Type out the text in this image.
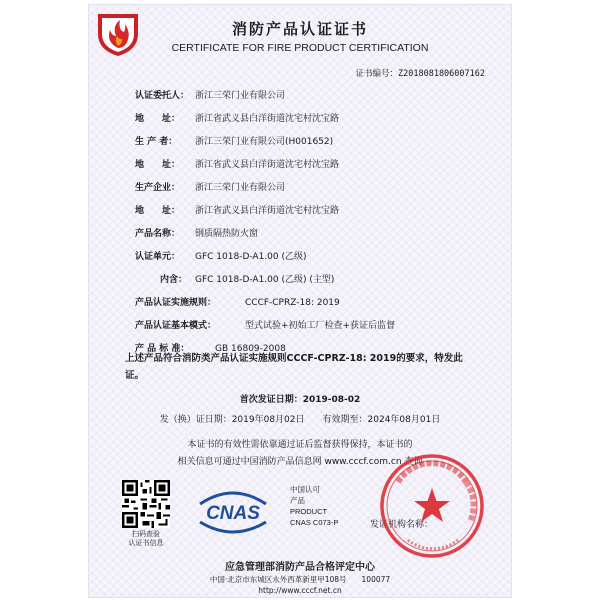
消防产品认证证书
CERTIFICATE FOR FIRE PRODUCT CERTIFICATION
证书编号：Z2018081806007162
认证委托人： 浙江三荣门业有限公司
地　　址： 浙江省武义县白洋街道沈宅村沈宝路
生 产 者： 浙江三荣门业有限公司(H001652)
地　　址： 浙江省武义县白洋街道沈宅村沈宝路
生产企业： 浙江三荣门业有限公司
地　　址： 浙江省武义县白洋街道沈宅村沈宝路
产品名称： 钢质隔热防火窗
认证单元： GFC 1018-D-A1.00 (乙级)
内含： GFC 1018-D-A1.00 (乙级) (主型)
产品认证实施规则：	CCCF-CPRZ-18: 2019
产品认证基本模式：	型式试验+初始工厂检查+获证后监督
产 品 标 准：	GB 16809-2008
上述产品符合消防类产品认证实施规则CCCF-CPRZ-18: 2019的要求，特发此证。
首次发证日期：2019-08-02
发（换）证日期：2019年08月02日　　有效期至：2024年08月01日
本证书的有效性需依靠通过证后监督获得保持，本证书的
相关信息可通过中国消防产品信息网 www.cccf.com.cn 查询
扫码查验
认证书信息
CNAS
中国认可
产品
PRODUCT
CNAS C073-P	发证机构名称：
应急管理部消防产品合格评定中心
中国·北京市东城区永外西革新里甲108号　　100077
http://www.cccf.net.cn
